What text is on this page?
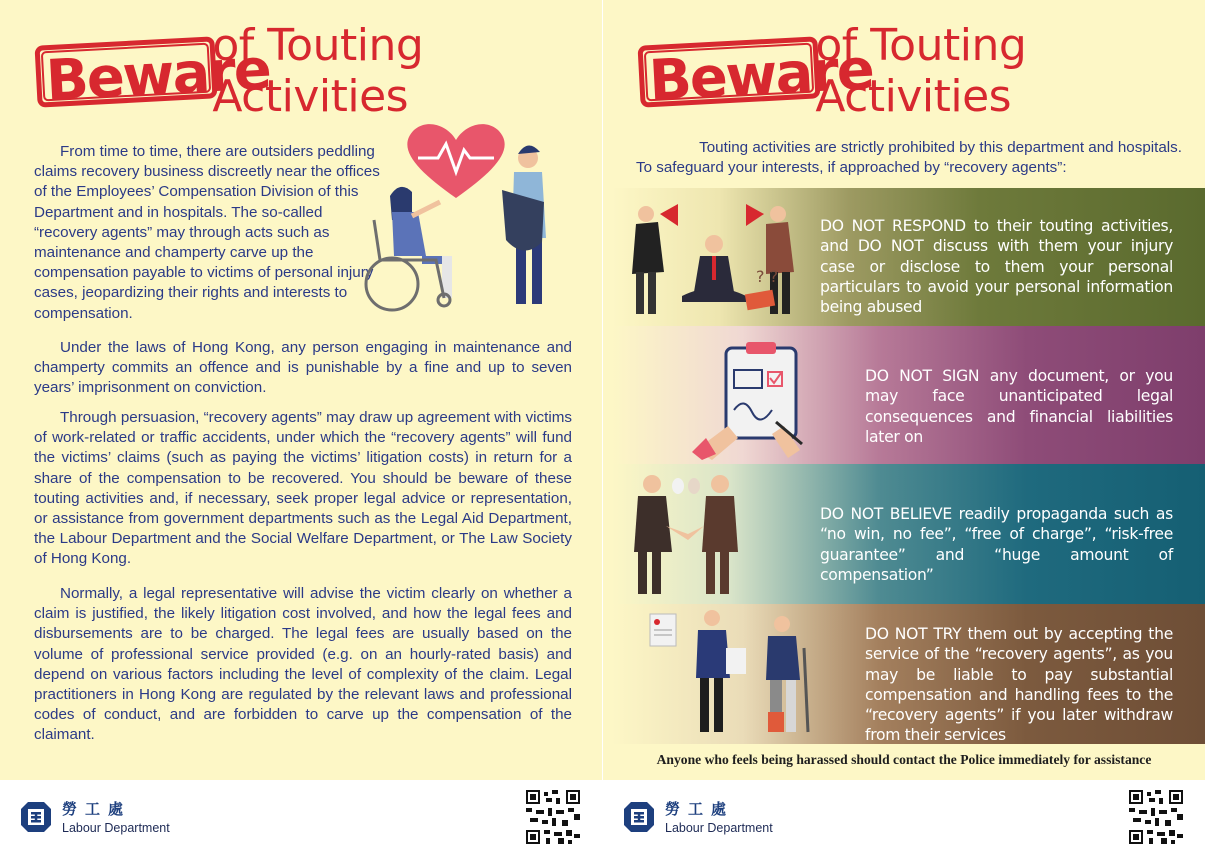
Beware
of Touting Activities

From time to time, there are outsiders peddling claims recovery business discreetly near the offices of the Employees’ Compensation Division of this Department and in hospitals. The so-called “recovery agents” may through acts such as maintenance and champerty carve up the compensation payable to victims of personal injury cases, jeopardizing their rights and interests to compensation.

Under the laws of Hong Kong, any person engaging in maintenance and champerty commits an offence and is punishable by a fine and up to seven years’ imprisonment on conviction.

Through persuasion, “recovery agents” may draw up agreement with victims of work-related or traffic accidents, under which the “recovery agents” will fund the victims’ claims (such as paying the victims’ litigation costs) in return for a share of the compensation to be recovered. You should be beware of these touting activities and, if necessary, seek proper legal advice or representation, or assistance from government departments such as the Legal Aid Department, the Labour Department and the Social Welfare Department, or The Law Society of Hong Kong.

Normally, a legal representative will advise the victim clearly on whether a claim is justified, the likely litigation cost involved, and how the legal fees and disbursements are to be charged. The legal fees are usually based on the volume of professional service provided (e.g. on an hourly-rated basis) and depend on various factors including the level of complexity of the claim. Legal practitioners in Hong Kong are regulated by the relevant laws and professional codes of conduct, and are forbidden to carve up the compensation of the claimant.

勞工處
Labour Department
Beware
of Touting Activities
Touting activities are strictly prohibited by this department and hospitals.
To safeguard your interests, if approached by “recovery agents”:
? ?
DO NOT RESPOND to their touting activities, and DO NOT discuss with them your injury case or disclose to them your personal particulars to avoid your personal information being abused
DO NOT SIGN any document, or you may face unanticipated legal consequences and financial liabilities later on
DO NOT BELIEVE readily propaganda such as “no win, no fee”, “free of charge”, “risk-free guarantee” and “huge amount of compensation”
DO NOT TRY them out by accepting the service of the “recovery agents”, as you may be liable to pay substantial compensation and handling fees to the “recovery agents” if you later withdraw from their services
Anyone who feels being harassed should contact the Police immediately for assistance
勞工處
Labour Department
